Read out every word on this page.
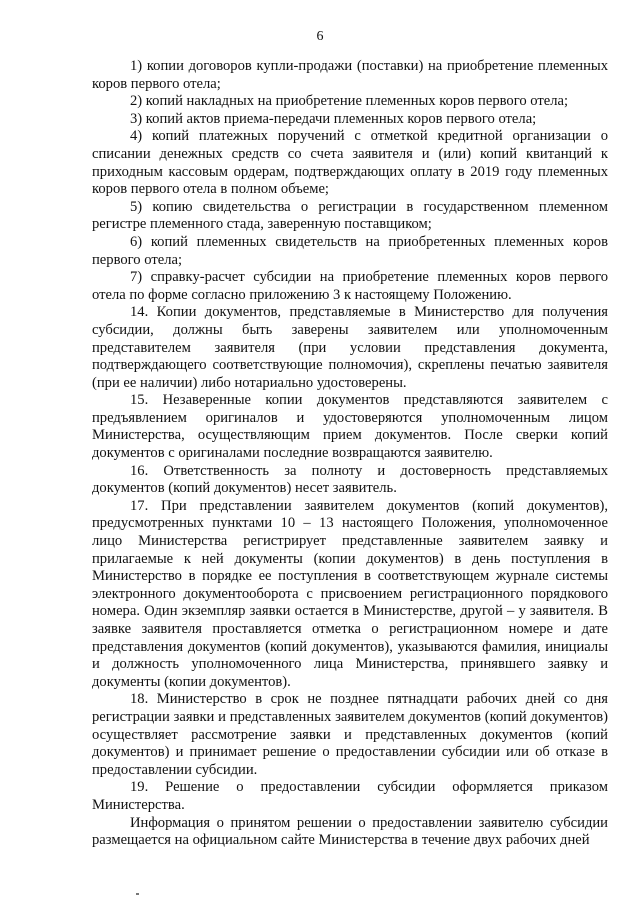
6

1) копии договоров купли-продажи (поставки) на приобретение племенных коров первого отела;

2) копий накладных на приобретение племенных коров первого отела;

3) копий актов приема-передачи племенных коров первого отела;

4) копий платежных поручений с отметкой кредитной организации о списании денежных средств со счета заявителя и (или) копий квитанций к приходным кассовым ордерам, подтверждающих оплату в 2019 году племенных коров первого отела в полном объеме;

5) копию свидетельства о регистрации в государственном племенном регистре племенного стада, заверенную поставщиком;

6) копий племенных свидетельств на приобретенных племенных коров первого отела;

7) справку-расчет субсидии на приобретение племенных коров первого отела по форме согласно приложению 3 к настоящему Положению.

14. Копии документов, представляемые в Министерство для получения субсидии, должны быть заверены заявителем или уполномоченным представителем заявителя (при условии представления документа, подтверждающего соответствующие полномочия), скреплены печатью заявителя (при ее наличии) либо нотариально удостоверены.

15. Незаверенные копии документов представляются заявителем с предъявлением оригиналов и удостоверяются уполномоченным лицом Министерства, осуществляющим прием документов. После сверки копий документов с оригиналами последние возвращаются заявителю.

16. Ответственность за полноту и достоверность представляемых документов (копий документов) несет заявитель.

17. При представлении заявителем документов (копий документов), предусмотренных пунктами 10 – 13 настоящего Положения, уполномоченное лицо Министерства регистрирует представленные заявителем заявку и прилагаемые к ней документы (копии документов) в день поступления в Министерство в порядке ее поступления в соответствующем журнале системы электронного документооборота с присвоением регистрационного порядкового номера. Один экземпляр заявки остается в Министерстве, другой – у заявителя. В заявке заявителя проставляется отметка о регистрационном номере и дате представления документов (копий документов), указываются фамилия, инициалы и должность уполномоченного лица Министерства, принявшего заявку и документы (копии документов).

18. Министерство в срок не позднее пятнадцати рабочих дней со дня регистрации заявки и представленных заявителем документов (копий документов) осуществляет рассмотрение заявки и представленных документов (копий документов) и принимает решение о предоставлении субсидии или об отказе в предоставлении субсидии.

19. Решение о предоставлении субсидии оформляется приказом Министерства.

Информация о принятом решении о предоставлении заявителю субсидии размещается на официальном сайте Министерства в течение двух рабочих дней
